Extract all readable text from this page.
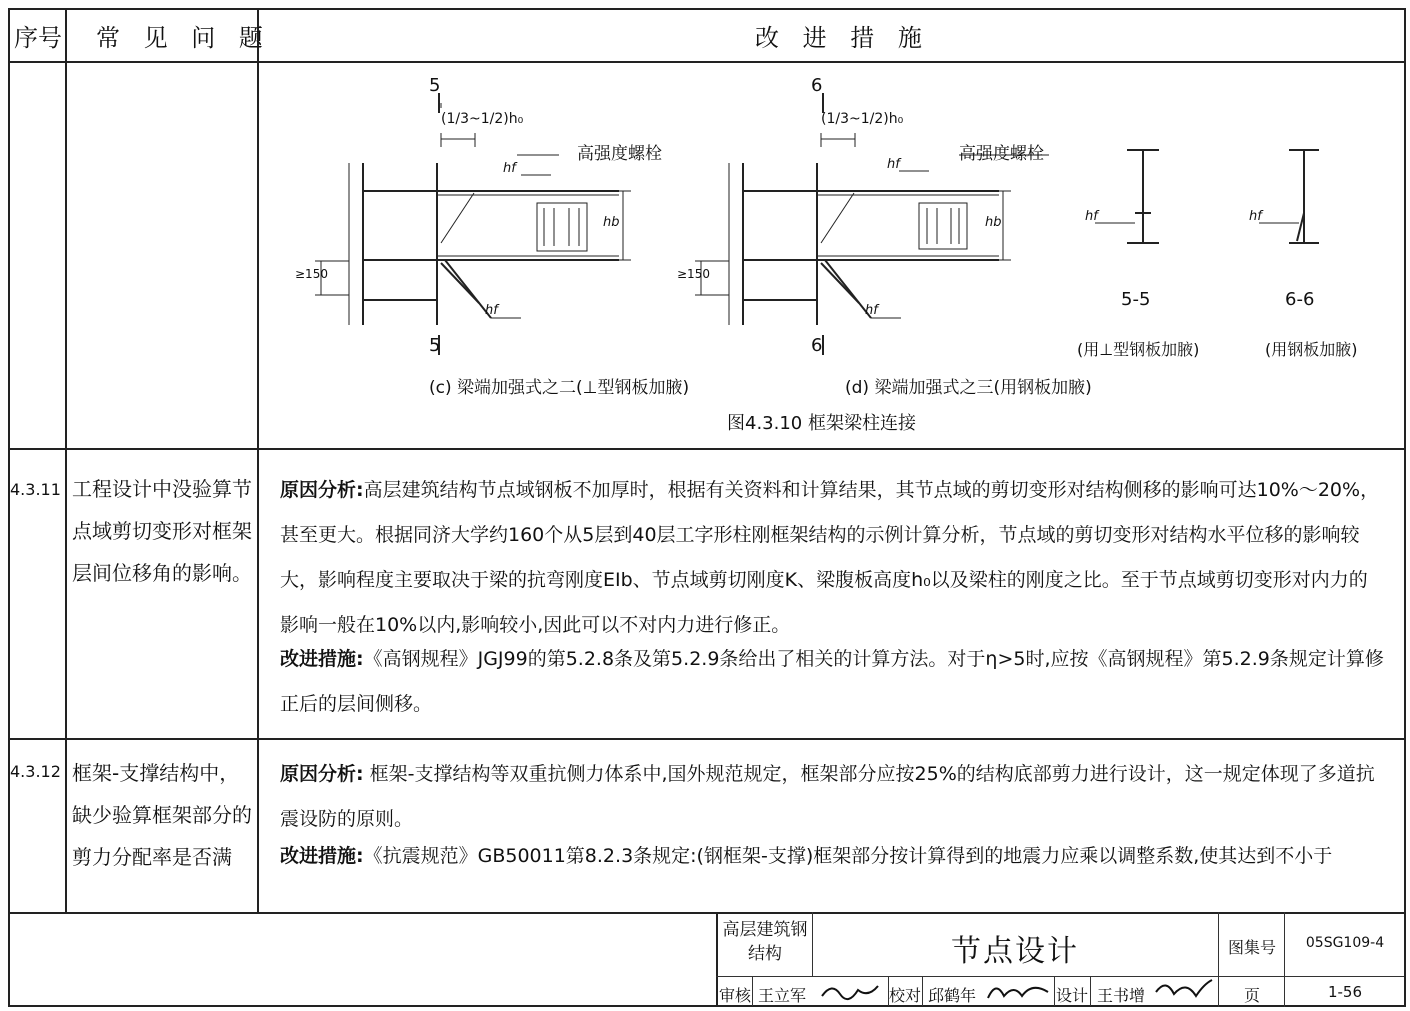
序号 常 见 问 题	改 进 措 施
5
5
(1/3~1/2)h₀
高强度螺栓
hf
hf
hb
≥150
(c) 梁端加强式之二(⊥型钢板加腋)
6
6
(1/3~1/2)h₀
高强度螺栓
hf
hf
hb
≥150
(d) 梁端加强式之三(用钢板加腋)
hf
5-5
(用⊥型钢板加腋)
hf
6-6
(用钢板加腋)
图4.3.10 框架梁柱连接
4.3.11 工程设计中没验算节点域剪切变形对框架层间位移角的影响。
原因分析:高层建筑结构节点域钢板不加厚时，根据有关资料和计算结果，其节点域的剪切变形对结构侧移的影响可达10%～20%，甚至更大。根据同济大学约160个从5层到40层工字形柱刚框架结构的示例计算分析，节点域的剪切变形对结构水平位移的影响较大，影响程度主要取决于梁的抗弯刚度EIb、节点域剪切刚度K、梁腹板高度h₀以及梁柱的刚度之比。至于节点域剪切变形对内力的影响一般在10%以内,影响较小,因此可以不对内力进行修正。
改进措施:《高钢规程》JGJ99的第5.2.8条及第5.2.9条给出了相关的计算方法。对于η>5时,应按《高钢规程》第5.2.9条规定计算修正后的层间侧移。
4.3.12 框架-支撑结构中，缺少验算框架部分的剪力分配率是否满
原因分析: 框架-支撑结构等双重抗侧力体系中,国外规范规定，框架部分应按25%的结构底部剪力进行设计，这一规定体现了多道抗震设防的原则。
改进措施:《抗震规范》GB50011第8.2.3条规定:(钢框架-支撑)框架部分按计算得到的地震力应乘以调整系数,使其达到不小于
高层建筑钢结构	节点设计	图集号	05SG109-4
审核 王立军	校对 邱鹤年	设计 王书增	页	1-56
